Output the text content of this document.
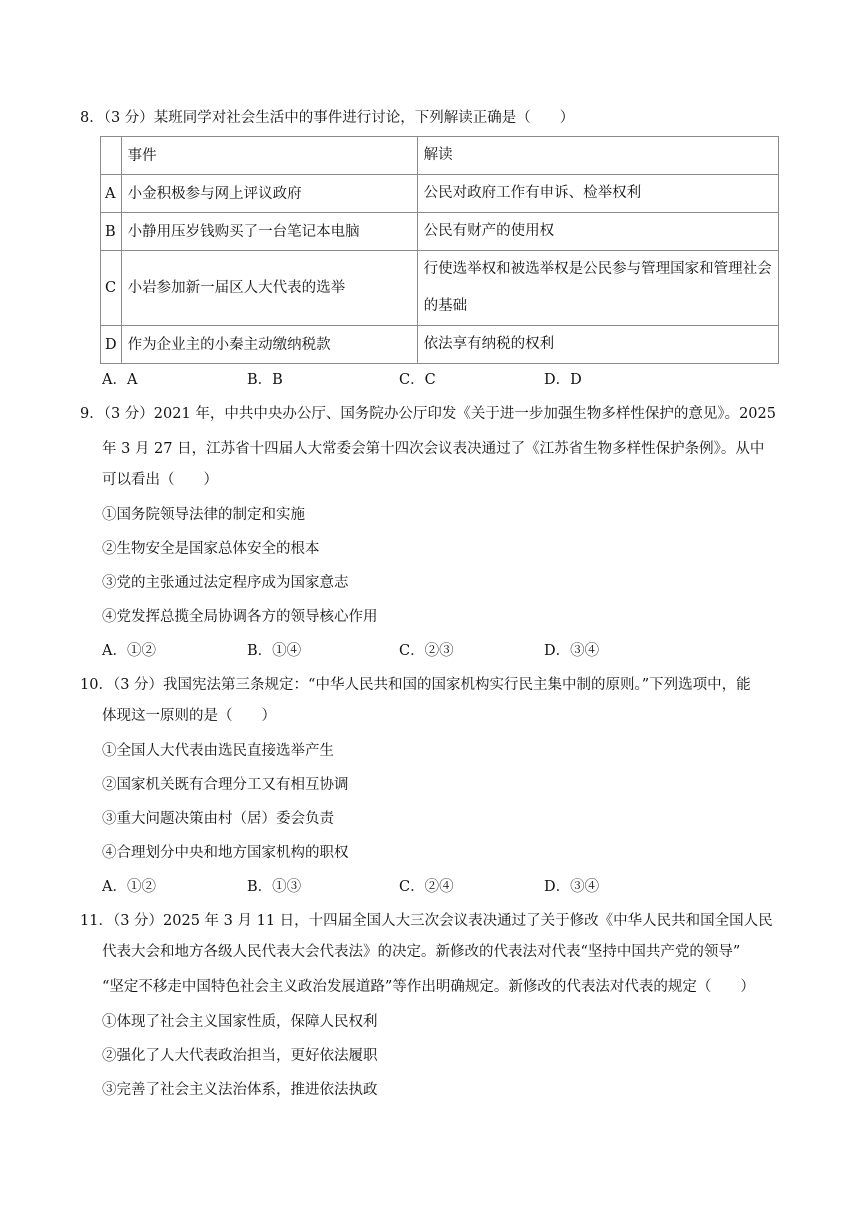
8．（3 分）某班同学对社会生活中的事件进行讨论，下列解读正确是（　　）
	事件	解读
A	小金积极参与网上评议政府	公民对政府工作有申诉、检举权利
B	小静用压岁钱购买了一台笔记本电脑	公民有财产的使用权
C	小岩参加新一届区人大代表的选举	行使选举权和被选举权是公民参与管理国家和管理社会的基础
D	作为企业主的小秦主动缴纳税款	依法享有纳税的权利
A．A	B．B	C．C	D．D
9．（3 分）2021 年，中共中央办公厅、国务院办公厅印发《关于进一步加强生物多样性保护的意见》。2025
年 3 月 27 日，江苏省十四届人大常委会第十四次会议表决通过了《江苏省生物多样性保护条例》。从中
可以看出（　　）
①国务院领导法律的制定和实施
②生物安全是国家总体安全的根本
③党的主张通过法定程序成为国家意志
④党发挥总揽全局协调各方的领导核心作用
A．①②	B．①④	C．②③	D．③④
10．（3 分）我国宪法第三条规定：“中华人民共和国的国家机构实行民主集中制的原则。”下列选项中，能
体现这一原则的是（　　）
①全国人大代表由选民直接选举产生
②国家机关既有合理分工又有相互协调
③重大问题决策由村（居）委会负责
④合理划分中央和地方国家机构的职权
A．①②	B．①③	C．②④	D．③④
11．（3 分）2025 年 3 月 11 日，十四届全国人大三次会议表决通过了关于修改《中华人民共和国全国人民
代表大会和地方各级人民代表大会代表法》的决定。新修改的代表法对代表“坚持中国共产党的领导”
“坚定不移走中国特色社会主义政治发展道路”等作出明确规定。新修改的代表法对代表的规定（　　）
①体现了社会主义国家性质，保障人民权利
②强化了人大代表政治担当，更好依法履职
③完善了社会主义法治体系，推进依法执政
